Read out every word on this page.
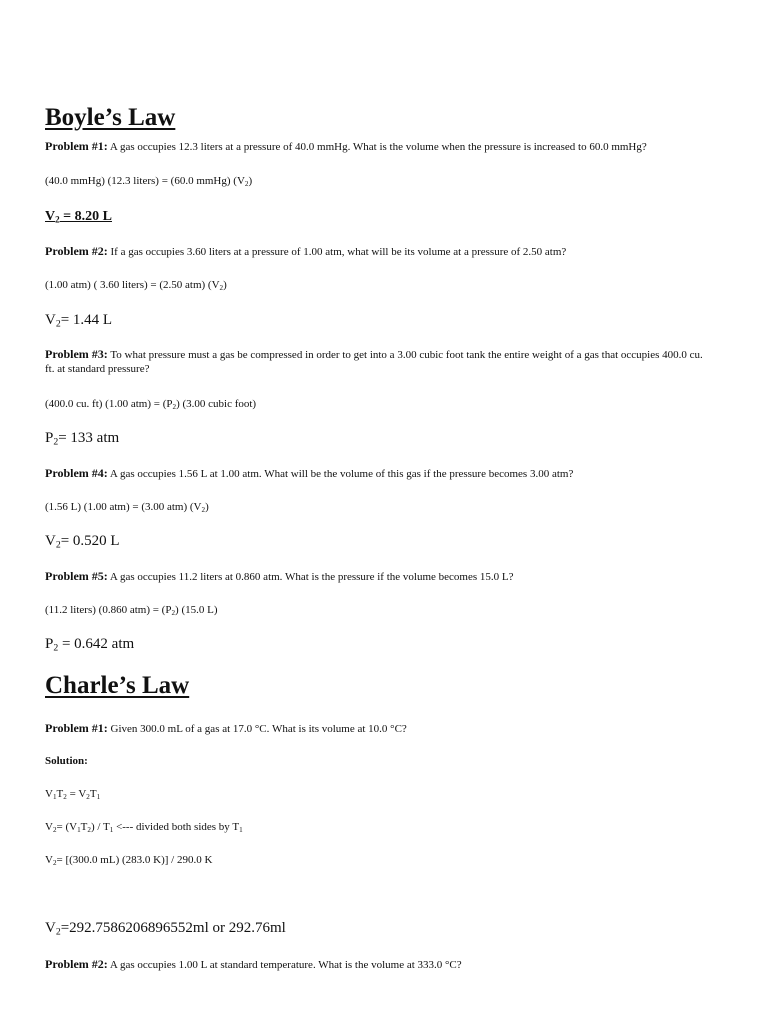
Boyle’s Law
Problem #1: A gas occupies 12.3 liters at a pressure of 40.0 mmHg. What is the volume when the pressure is increased to 60.0 mmHg?
(40.0 mmHg) (12.3 liters) = (60.0 mmHg) $(V_2)$
$V_2 = 8.20$ L
Problem #2: If a gas occupies 3.60 liters at a pressure of 1.00 atm, what will be its volume at a pressure of 2.50 atm?
(1.00 atm) ( 3.60 liters) = (2.50 atm) $(V_2)$
$V_2= 1.44$ L
Problem #3: To what pressure must a gas be compressed in order to get into a 3.00 cubic foot tank the entire weight of a gas that occupies 400.0 cu. ft. at standard pressure?
(400.0 cu. ft) (1.00 $atm) = (P_2)$ (3.00 cubic foot)
$P_2= 133$ atm
Problem #4: A gas occupies 1.56 L at 1.00 atm. What will be the volume of this gas if the pressure becomes 3.00 atm?
(1.56 L) (1.00 atm) = (3.00 atm) $(V_2)$
$V_2= 0.520$ L
Problem #5: A gas occupies 11.2 liters at 0.860 atm. What is the pressure if the volume becomes 15.0 L?
(11.2 liters) (0.860 $atm) = (P_2)$ (15.0 L)
$P_2 = 0.642$ atm
Charle’s Law
Problem #1: Given 300.0 mL of a gas at 17.0 °C. What is its volume at 10.0 °C?
Solution:
$V_1T_2 = V_2T_1$
$V_2= (V_1T_2) / T_1$ <--- divided both sides by $T_1$
$V_2= [(300.0$ mL) (283.0 K)] / 290.0 K
$V_2=292.7586206896552ml$ or 292.76ml
Problem #2: A gas occupies 1.00 L at standard temperature. What is the volume at 333.0 °C?
